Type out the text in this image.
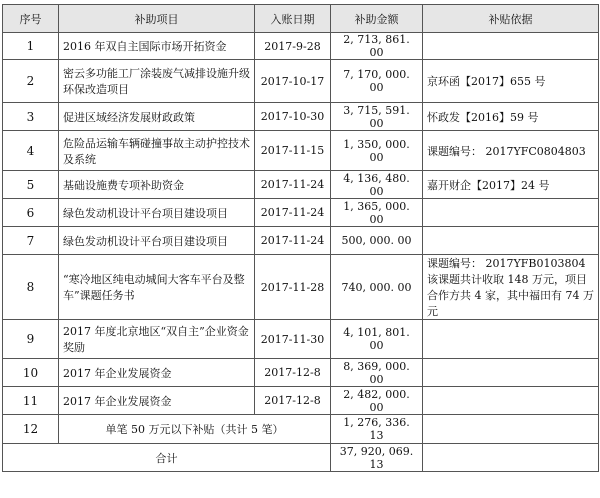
序号	补助项目	入账日期	补助金额	补贴依据
1	2016 年双自主国际市场开拓资金	2017-9-28	2, 713, 861. 00	
2	密云多功能工厂涂装废气减排设施升级环保改造项目	2017-10-17	7, 170, 000. 00	京环函【2017】655 号
3	促进区域经济发展财政政策	2017-10-30	3, 715, 591. 00	怀政发【2016】59 号
4	危险品运输车辆碰撞事故主动护控技术及系统	2017-11-15	1, 350, 000. 00	课题编号： 2017YFC0804803
5	基础设施费专项补助资金	2017-11-24	4, 136, 480. 00	嘉开财企【2017】24 号
6	绿色发动机设计平台项目建设项目	2017-11-24	1, 365, 000. 00	
7	绿色发动机设计平台项目建设项目	2017-11-24	500, 000. 00	
8	“寒冷地区纯电动城间大客车平台及整车”课题任务书	2017-11-28	740, 000. 00	课题编号： 2017YFB0103804 该课题共计收取 148 万元，项目合作方共 4 家，其中福田有 74 万元
9	2017 年度北京地区“双自主”企业资金奖励	2017-11-30	4, 101, 801. 00	
10	2017 年企业发展资金	2017-12-8	8, 369, 000. 00	
11	2017 年企业发展资金	2017-12-8	2, 482, 000. 00	
12	单笔 50 万元以下补贴（共计 5 笔）		1, 276, 336. 13	
合计			37, 920, 069. 13	
